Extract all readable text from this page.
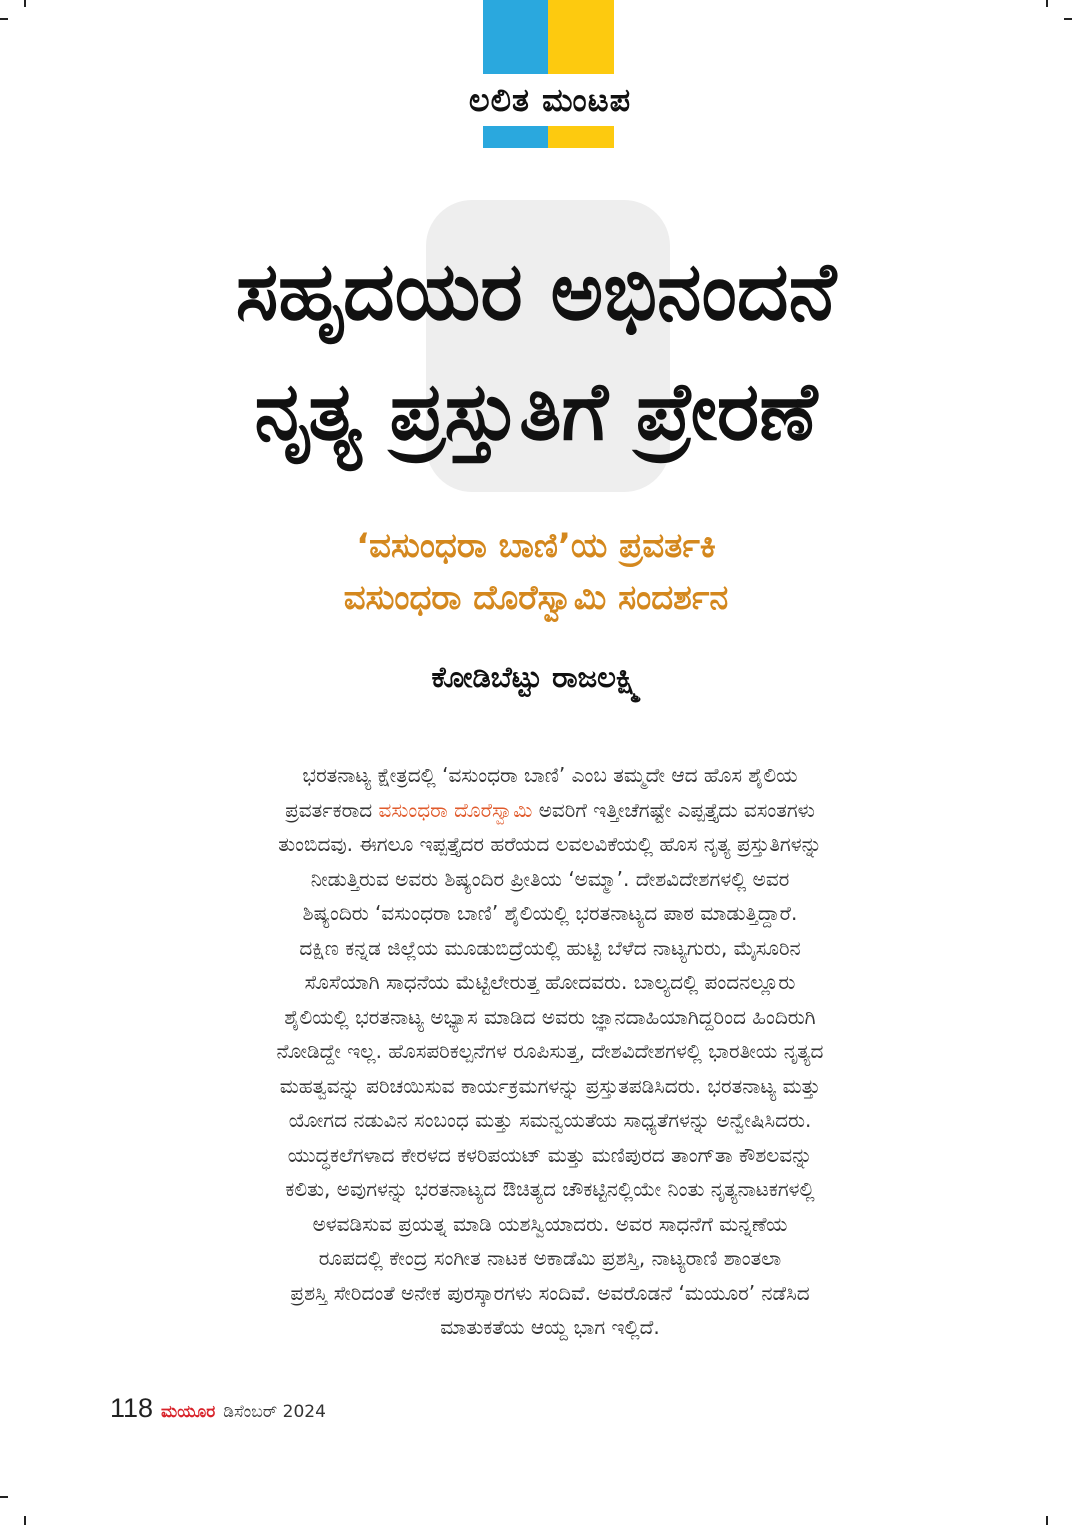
ಲಲಿತ ಮಂಟಪ
ಸಹೃದಯರ ಅಭಿನಂದನೆ
ನೃತ್ಯ ಪ್ರಸ್ತುತಿಗೆ ಪ್ರೇರಣೆ
‘ವಸುಂಧರಾ ಬಾಣಿ’ಯ ಪ್ರವರ್ತಕಿ
ವಸುಂಧರಾ ದೊರೆಸ್ವಾಮಿ ಸಂದರ್ಶನ
ಕೋಡಿಬೆಟ್ಟು ರಾಜಲಕ್ಷ್ಮಿ
ಭರತನಾಟ್ಯ ಕ್ಷೇತ್ರದಲ್ಲಿ ‘ವಸುಂಧರಾ ಬಾಣಿ’ ಎಂಬ ತಮ್ಮದೇ ಆದ ಹೊಸ ಶೈಲಿಯ
ಪ್ರವರ್ತಕರಾದ ವಸುಂಧರಾ ದೊರೆಸ್ವಾಮಿ ಅವರಿಗೆ ಇತ್ತೀಚೆಗಷ್ಟೇ ಎಪ್ಪತ್ತೈದು ವಸಂತಗಳು
ತುಂಬಿದವು. ಈಗಲೂ ಇಪ್ಪತ್ತೈದರ ಹರೆಯದ ಲವಲವಿಕೆಯಲ್ಲಿ ಹೊಸ ನೃತ್ಯ ಪ್ರಸ್ತುತಿಗಳನ್ನು
ನೀಡುತ್ತಿರುವ ಅವರು ಶಿಷ್ಯಂದಿರ ಪ್ರೀತಿಯ ‘ಅಮ್ಮಾ’. ದೇಶವಿದೇಶಗಳಲ್ಲಿ ಅವರ
ಶಿಷ್ಯಂದಿರು ‘ವಸುಂಧರಾ ಬಾಣಿ’ ಶೈಲಿಯಲ್ಲಿ ಭರತನಾಟ್ಯದ ಪಾಠ ಮಾಡುತ್ತಿದ್ದಾರೆ.
ದಕ್ಷಿಣ ಕನ್ನಡ ಜಿಲ್ಲೆಯ ಮೂಡುಬಿದ್ರೆಯಲ್ಲಿ ಹುಟ್ಟಿ ಬೆಳೆದ ನಾಟ್ಯಗುರು, ಮೈಸೂರಿನ
ಸೊಸೆಯಾಗಿ ಸಾಧನೆಯ ಮೆಟ್ಟಿಲೇರುತ್ತ ಹೋದವರು. ಬಾಲ್ಯದಲ್ಲಿ ಪಂದನಲ್ಲೂರು
ಶೈಲಿಯಲ್ಲಿ ಭರತನಾಟ್ಯ ಅಭ್ಯಾಸ ಮಾಡಿದ ಅವರು ಜ್ಞಾನದಾಹಿಯಾಗಿದ್ದರಿಂದ ಹಿಂದಿರುಗಿ
ನೋಡಿದ್ದೇ ಇಲ್ಲ. ಹೊಸಪರಿಕಲ್ಪನೆಗಳ ರೂಪಿಸುತ್ತ, ದೇಶವಿದೇಶಗಳಲ್ಲಿ ಭಾರತೀಯ ನೃತ್ಯದ
ಮಹತ್ವವನ್ನು ಪರಿಚಯಿಸುವ ಕಾರ್ಯಕ್ರಮಗಳನ್ನು ಪ್ರಸ್ತುತಪಡಿಸಿದರು. ಭರತನಾಟ್ಯ ಮತ್ತು
ಯೋಗದ ನಡುವಿನ ಸಂಬಂಧ ಮತ್ತು ಸಮನ್ವಯತೆಯ ಸಾಧ್ಯತೆಗಳನ್ನು ಅನ್ವೇಷಿಸಿದರು.
ಯುದ್ಧಕಲೆಗಳಾದ ಕೇರಳದ ಕಳರಿಪಯಟ್ ಮತ್ತು ಮಣಿಪುರದ ತಾಂಗ್‌ತಾ ಕೌಶಲವನ್ನು
ಕಲಿತು, ಅವುಗಳನ್ನು ಭರತನಾಟ್ಯದ ಔಚಿತ್ಯದ ಚೌಕಟ್ಟಿನಲ್ಲಿಯೇ ನಿಂತು ನೃತ್ಯನಾಟಕಗಳಲ್ಲಿ
ಅಳವಡಿಸುವ ಪ್ರಯತ್ನ ಮಾಡಿ ಯಶಸ್ವಿಯಾದರು. ಅವರ ಸಾಧನೆಗೆ ಮನ್ನಣೆಯ
ರೂಪದಲ್ಲಿ ಕೇಂದ್ರ ಸಂಗೀತ ನಾಟಕ ಅಕಾಡೆಮಿ ಪ್ರಶಸ್ತಿ, ನಾಟ್ಯರಾಣಿ ಶಾಂತಲಾ
ಪ್ರಶಸ್ತಿ ಸೇರಿದಂತೆ ಅನೇಕ ಪುರಸ್ಕಾರಗಳು ಸಂದಿವೆ. ಅವರೊಡನೆ ‘ಮಯೂರ’ ನಡೆಸಿದ
ಮಾತುಕತೆಯ ಆಯ್ದ ಭಾಗ ಇಲ್ಲಿದೆ.
118 ಮಯೂರ ಡಿಸೆಂಬರ್ 2024
